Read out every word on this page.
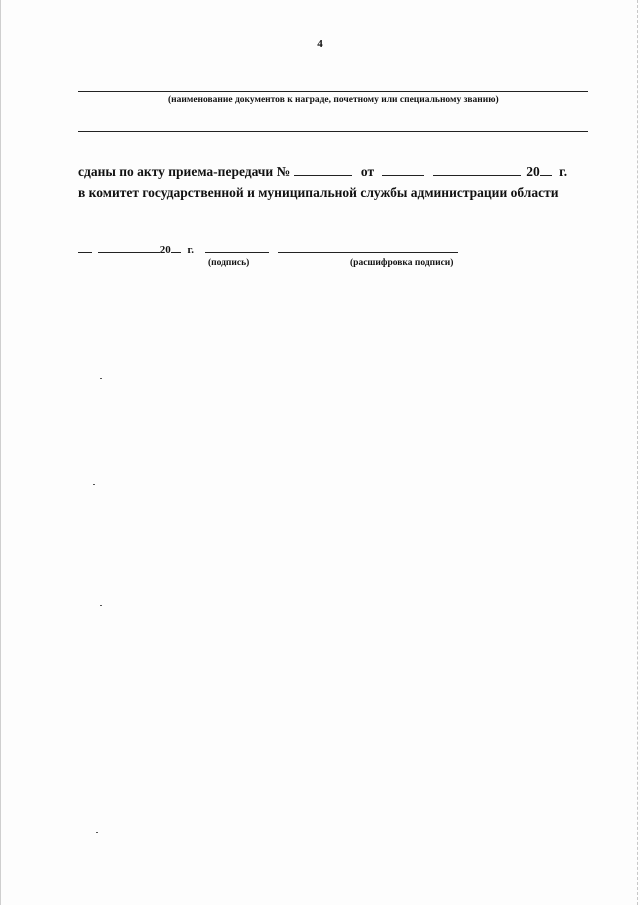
4
(наименование документов к награде, почетному или специальному званию)
сданы по акту приема-передачи №	от	20 г.
в комитет государственной и муниципальной службы администрации области
20 г.
(подпись)	(расшифровка подписи)
